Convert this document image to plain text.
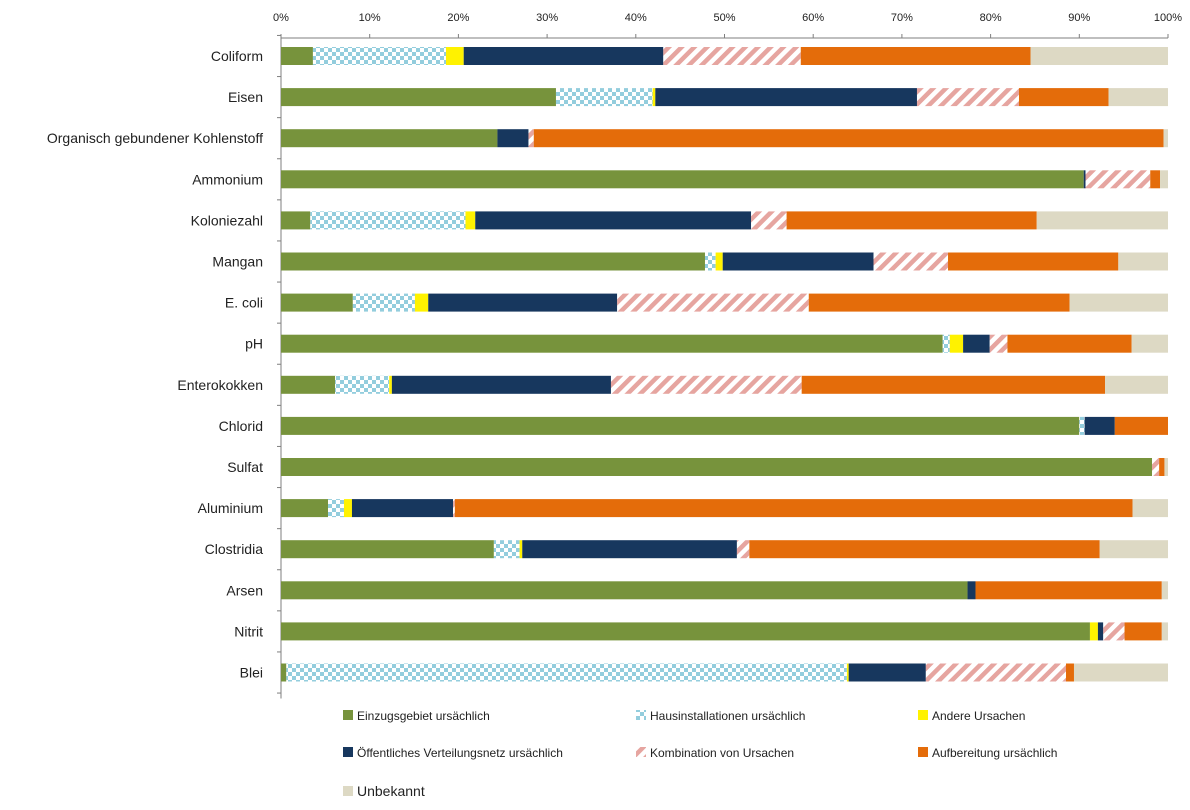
0%	10%	20%	30%	40%	50%	60%	70%	80%	90%	100%
Coliform
Eisen
Organisch gebundener Kohlenstoff
Ammonium
Koloniezahl
Mangan
E. coli
pH
Enterokokken
Chlorid
Sulfat
Aluminium
Clostridia
Arsen
Nitrit
Blei
Einzugsgebiet ursächlich	Hausinstallationen ursächlich	Andere Ursachen
Öffentliches Verteilungsnetz ursächlich	Kombination von Ursachen	Aufbereitung ursächlich
Unbekannt
